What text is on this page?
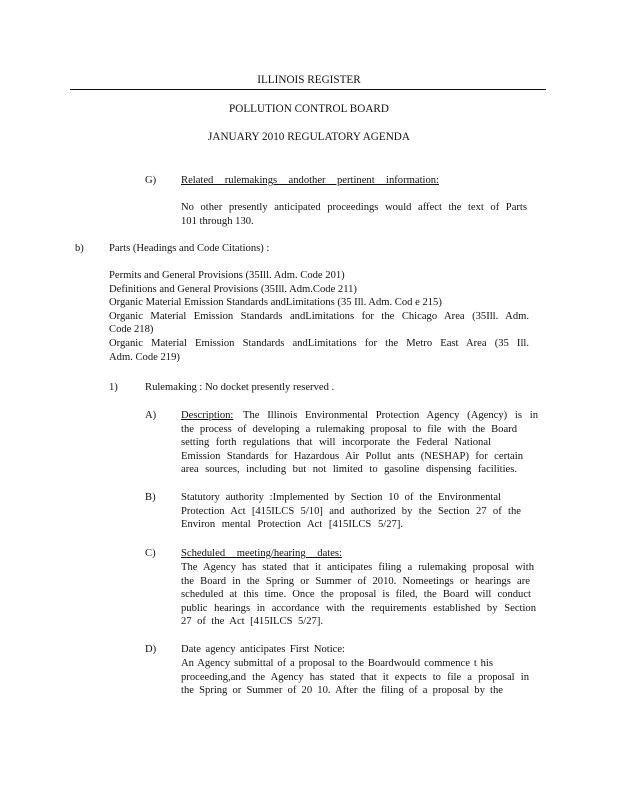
ILLINOIS REGISTER
POLLUTION CONTROL BOARD
JANUARY 2010 REGULATORY AGENDA
G) Related rulemakings andother pertinent information:
No other presently anticipated proceedings would affect the text of Parts
101 through 130.
b) Parts (Headings and Code Citations) :
Permits and General Provisions (35Ill. Adm. Code 201)
Definitions and General Provisions (35Ill. Adm.Code 211)
Organic Material Emission Standards andLimitations (35 Ill. Adm. Cod e 215)
Organic Material Emission Standards andLimitations for the Chicago Area (35Ill. Adm.
Code 218)
Organic Material Emission Standards andLimitations for the Metro East Area (35 Ill.
Adm. Code 219)
1)	Rulemaking : No docket presently reserved .
A) Description: The Illinois Environmental Protection Agency (Agency) is in
the process of developing a rulemaking proposal to file with the Board
setting forth regulations that will incorporate the Federal National
Emission Standards for Hazardous Air Pollut ants (NESHAP) for certain
area sources, including but not limited to gasoline dispensing facilities.
B) Statutory authority :Implemented by Section 10 of the Environmental
Protection Act [415ILCS 5/10] and authorized by the Section 27 of the
Environ mental Protection Act [415ILCS 5/27].
C) Scheduled meeting/hearing dates:
The Agency has stated that it anticipates filing a rulemaking proposal with
the Board in the Spring or Summer of 2010. Nomeetings or hearings are
scheduled at this time. Once the proposal is filed, the Board will conduct
public hearings in accordance with the requirements established by Section
27 of the Act [415ILCS 5/27].
D) Date agency anticipates First Notice:
An Agency submittal of a proposal to the Boardwould commence t his
proceeding,and the Agency has stated that it expects to file a proposal in
the Spring or Summer of 20 10. After the filing of a proposal by the
